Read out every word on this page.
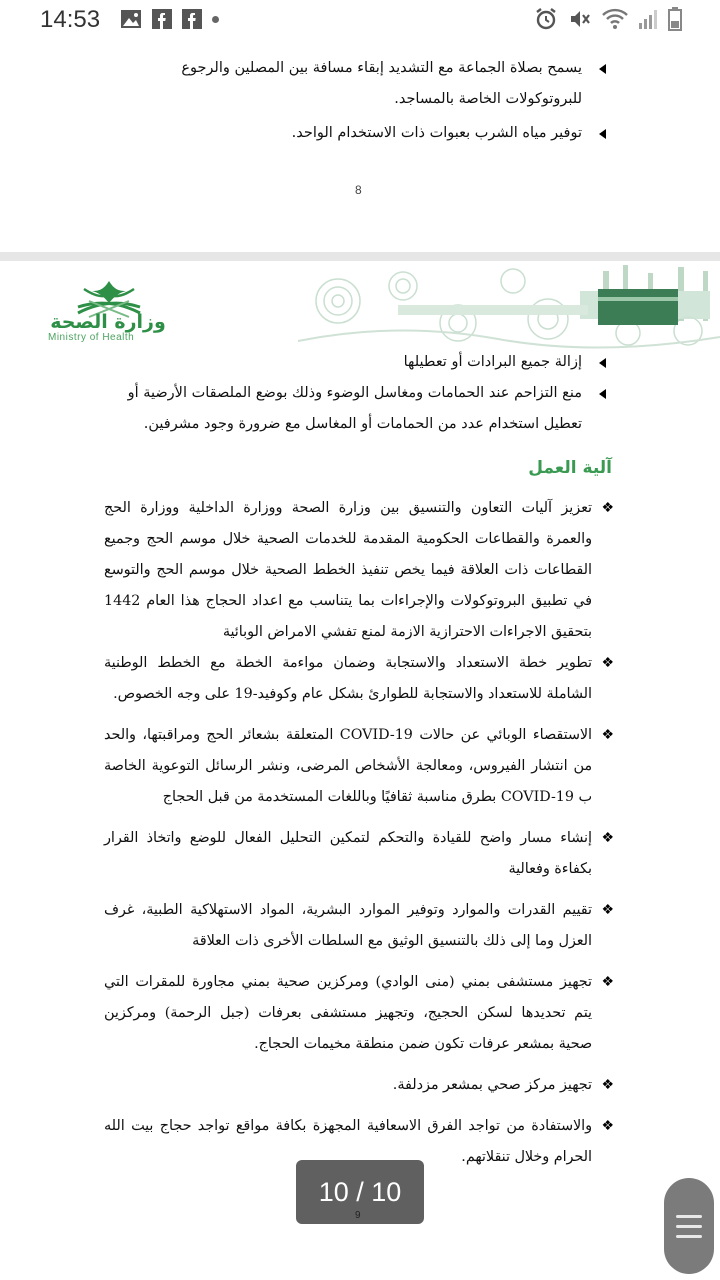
14:53
يسمح بصلاة الجماعة مع التشديد إبقاء مسافة بين المصلين والرجوع للبروتوكولات الخاصة بالمساجد.
توفير مياه الشرب بعبوات ذات الاستخدام الواحد.
8
وزارة الصحة
Ministry of Health
إزالة جميع البرادات أو تعطيلها
منع التزاحم عند الحمامات ومغاسل الوضوء وذلك بوضع الملصقات الأرضية أو تعطيل استخدام عدد من الحمامات أو المغاسل مع ضرورة وجود مشرفين.
آلية العمل
❖
تعزيز آليات التعاون والتنسيق بين وزارة الصحة ووزارة الداخلية ووزارة الحج والعمرة والقطاعات الحكومية المقدمة للخدمات الصحية خلال موسم الحج وجميع القطاعات ذات العلاقة فيما يخص تنفيذ الخطط الصحية خلال موسم الحج والتوسع في تطبيق البروتوكولات والإجراءات بما يتناسب مع اعداد الحجاج هذا العام 1442 بتحقيق الاجراءات الاحترازية الازمة لمنع تفشي الامراض الوبائية
❖
تطوير خطة الاستعداد والاستجابة وضمان مواءمة الخطة مع الخطط الوطنية الشاملة للاستعداد والاستجابة للطوارئ بشكل عام وكوفيد-19 على وجه الخصوص.
❖
الاستقصاء الوبائي عن حالات COVID-19 المتعلقة بشعائر الحج ومراقبتها، والحد من انتشار الفيروس، ومعالجة الأشخاص المرضى، ونشر الرسائل التوعوية الخاصة ب COVID-19 بطرق مناسبة ثقافيًا وباللغات المستخدمة من قبل الحجاج
❖
إنشاء مسار واضح للقيادة والتحكم لتمكين التحليل الفعال للوضع واتخاذ القرار بكفاءة وفعالية
❖
تقييم القدرات والموارد وتوفير الموارد البشرية، المواد الاستهلاكية الطبية، غرف العزل وما إلى ذلك بالتنسيق الوثيق مع السلطات الأخرى ذات العلاقة
❖
تجهيز مستشفى بمني (منى الوادي) ومركزين صحية بمني مجاورة للمقرات التي يتم تحديدها لسكن الحجيج، وتجهيز مستشفى بعرفات (جبل الرحمة) ومركزين صحية بمشعر عرفات تكون ضمن منطقة مخيمات الحجاج.
❖
تجهيز مركز صحي بمشعر مزدلفة.
❖
والاستفادة من تواجد الفرق الاسعافية المجهزة بكافة مواقع تواجد حجاج بيت الله الحرام وخلال تنقلاتهم.
10 / 10
9
